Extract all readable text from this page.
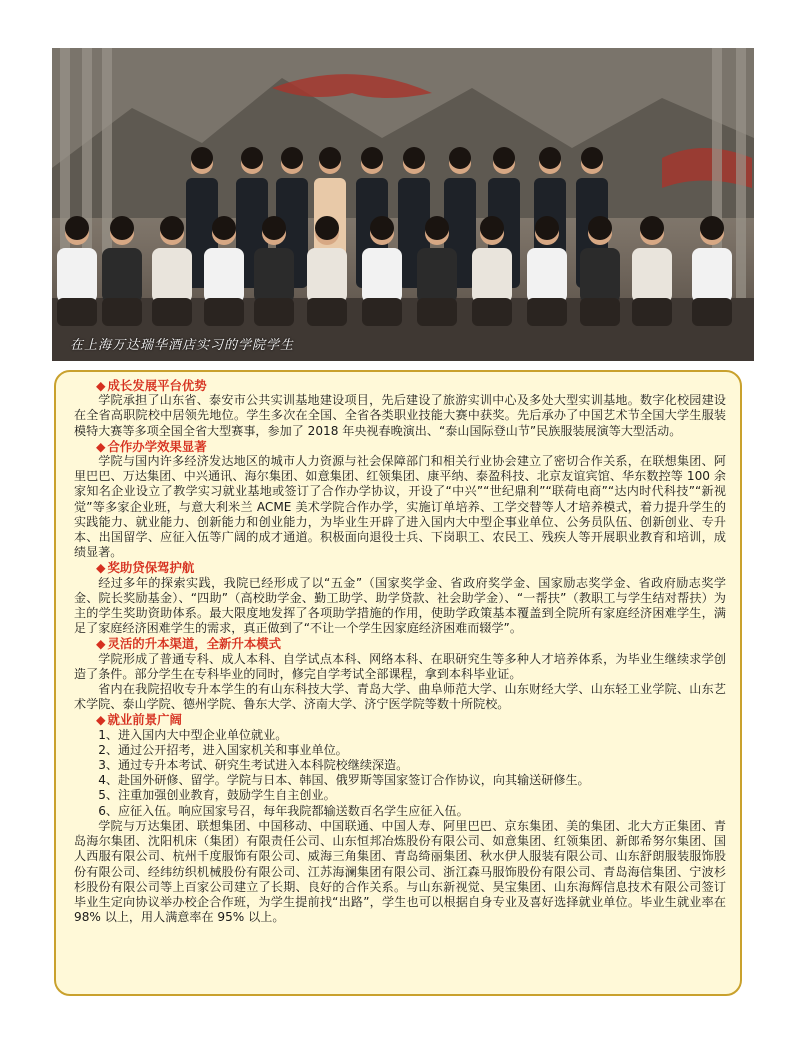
在上海万达瑞华酒店实习的学院学生

◆ 成长发展平台优势

学院承担了山东省、泰安市公共实训基地建设项目，先后建设了旅游实训中心及多处大型实训基地。数字化校园建设在全省高职院校中居领先地位。学生多次在全国、全省各类职业技能大赛中获奖。先后承办了中国艺术节全国大学生服装模特大赛等多项全国全省大型赛事，参加了 2018 年央视春晚演出、“泰山国际登山节”民族服装展演等大型活动。

◆ 合作办学效果显著

学院与国内许多经济发达地区的城市人力资源与社会保障部门和相关行业协会建立了密切合作关系，在联想集团、阿里巴巴、万达集团、中兴通讯、海尔集团、如意集团、红领集团、康平纳、泰盈科技、北京友谊宾馆、华东数控等 100 余家知名企业设立了教学实习就业基地或签订了合作办学协议，开设了“中兴”“世纪鼎利”“联荷电商”“达内时代科技”“新视觉”等多家企业班，与意大利米兰 ACME 美术学院合作办学，实施订单培养、工学交替等人才培养模式，着力提升学生的实践能力、就业能力、创新能力和创业能力，为毕业生开辟了进入国内大中型企事业单位、公务员队伍、创新创业、专升本、出国留学、应征入伍等广阔的成才通道。积极面向退役士兵、下岗职工、农民工、残疾人等开展职业教育和培训，成绩显著。

◆ 奖助贷保驾护航

经过多年的探索实践，我院已经形成了以“五金”（国家奖学金、省政府奖学金、国家励志奖学金、省政府励志奖学金、院长奖励基金）、“四助”（高校助学金、勤工助学、助学贷款、社会助学金）、“一帮扶”（教职工与学生结对帮扶）为主的学生奖助资助体系。最大限度地发挥了各项助学措施的作用，使助学政策基本覆盖到全院所有家庭经济困难学生，满足了家庭经济困难学生的需求，真正做到了“不让一个学生因家庭经济困难而辍学”。

◆ 灵活的升本渠道，全新升本模式

学院形成了普通专科、成人本科、自学试点本科、网络本科、在职研究生等多种人才培养体系，为毕业生继续求学创造了条件。部分学生在专科毕业的同时，修完自学考试全部课程，拿到本科毕业证。

省内在我院招收专升本学生的有山东科技大学、青岛大学、曲阜师范大学、山东财经大学、山东轻工业学院、山东艺术学院、泰山学院、德州学院、鲁东大学、济南大学、济宁医学院等数十所院校。

◆ 就业前景广阔

1、进入国内大中型企业单位就业。

2、通过公开招考，进入国家机关和事业单位。

3、通过专升本考试、研究生考试进入本科院校继续深造。

4、赴国外研修、留学。学院与日本、韩国、俄罗斯等国家签订合作协议，向其输送研修生。

5、注重加强创业教育，鼓励学生自主创业。

6、应征入伍。响应国家号召，每年我院都输送数百名学生应征入伍。

学院与万达集团、联想集团、中国移动、中国联通、中国人寿、阿里巴巴、京东集团、美的集团、北大方正集团、青岛海尔集团、沈阳机床（集团）有限责任公司、山东恒邦冶炼股份有限公司、如意集团、红领集团、新郎希努尔集团、国人西服有限公司、杭州千度服饰有限公司、威海三角集团、青岛绮丽集团、秋水伊人服装有限公司、山东舒朗服装服饰股份有限公司、经纬纺织机械股份有限公司、江苏海澜集团有限公司、浙江森马服饰股份有限公司、青岛海信集团、宁波杉杉股份有限公司等上百家公司建立了长期、良好的合作关系。与山东新视觉、昊宝集团、山东海辉信息技术有限公司签订毕业生定向协议举办校企合作班，为学生提前找“出路”，学生也可以根据自身专业及喜好选择就业单位。毕业生就业率在 98% 以上，用人满意率在 95% 以上。
